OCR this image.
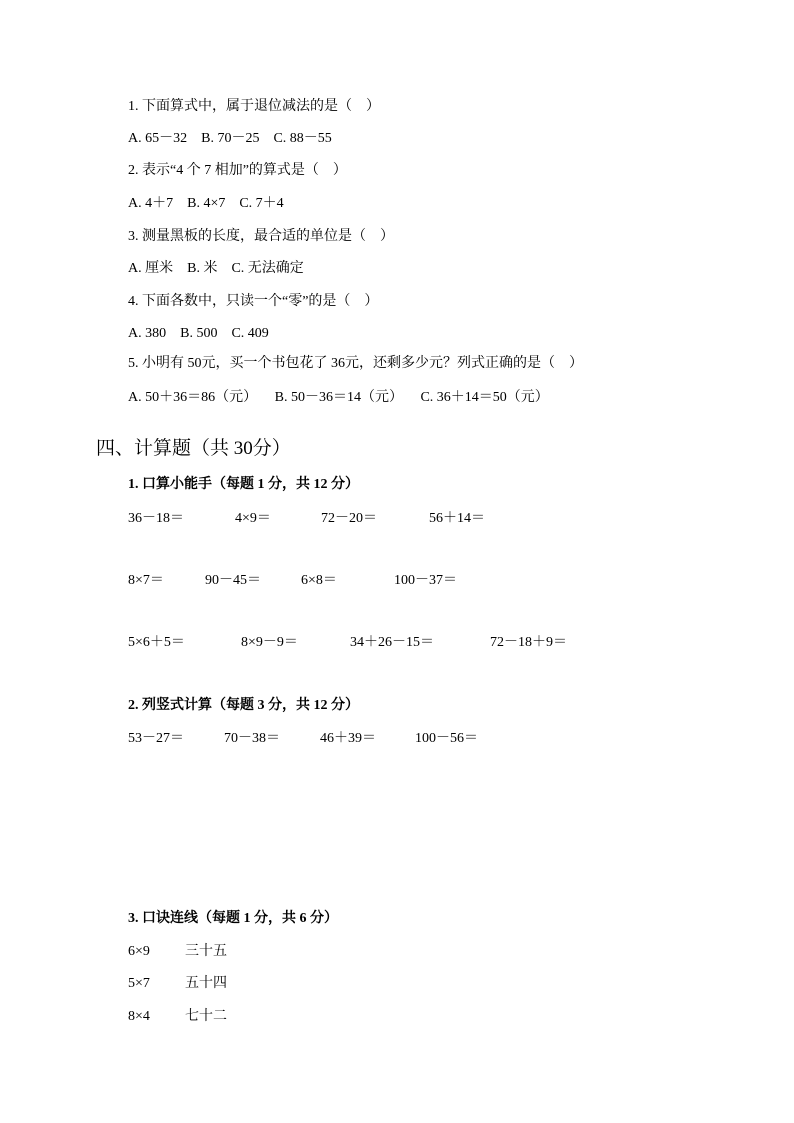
1. 下面算式中，属于退位减法的是（    ）
A. 65－32    B. 70－25    C. 88－55
2. 表示“4 个 7 相加”的算式是（    ）
A. 4＋7    B. 4×7    C. 7＋4
3. 测量黑板的长度，最合适的单位是（    ）
A. 厘米    B. 米    C. 无法确定
4. 下面各数中，只读一个“零”的是（    ）
A. 380    B. 500    C. 409
5. 小明有 50元，买一个书包花了 36元，还剩多少元？列式正确的是（    ）
A. 50＋36＝86（元）     B. 50－36＝14（元）     C. 36＋14＝50（元）
四、计算题（共 30分）
1. 口算小能手（每题 1 分，共 12 分）
36－18＝	4×9＝	72－20＝	56＋14＝
8×7＝	90－45＝	6×8＝	100－37＝
5×6＋5＝	8×9－9＝	34＋26－15＝	72－18＋9＝
2. 列竖式计算（每题 3 分，共 12 分）
53－27＝	70－38＝	46＋39＝	100－56＝
3. 口诀连线（每题 1 分，共 6 分）
6×9	三十五
5×7	五十四
8×4	七十二
